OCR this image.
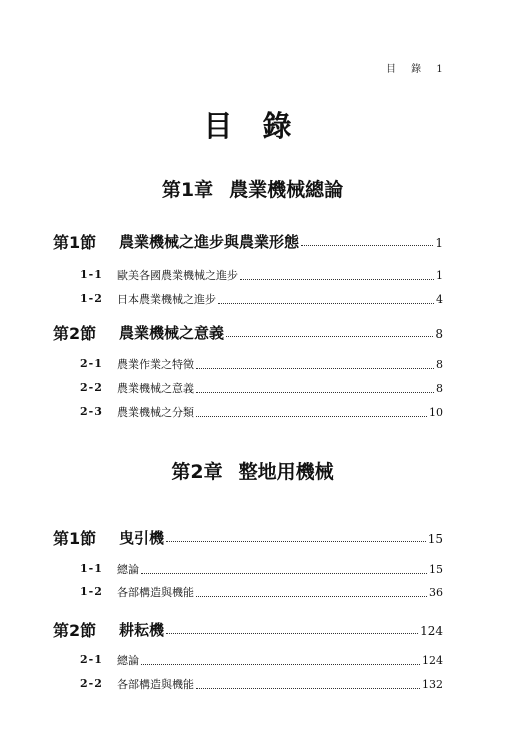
目 錄 1
目 錄
第1章 農業機械總論
第1節 農業機械之進步與農業形態	1
1-1 歐美各國農業機械之進步	1
1-2 日本農業機械之進步	4
第2節 農業機械之意義	8
2-1 農業作業之特徵	8
2-2 農業機械之意義	8
2-3 農業機械之分類	10
第2章 整地用機械
第1節 曳引機	15
1-1 總論	15
1-2 各部構造與機能	36
第2節 耕耘機	124
2-1 總論	124
2-2 各部構造與機能	132
